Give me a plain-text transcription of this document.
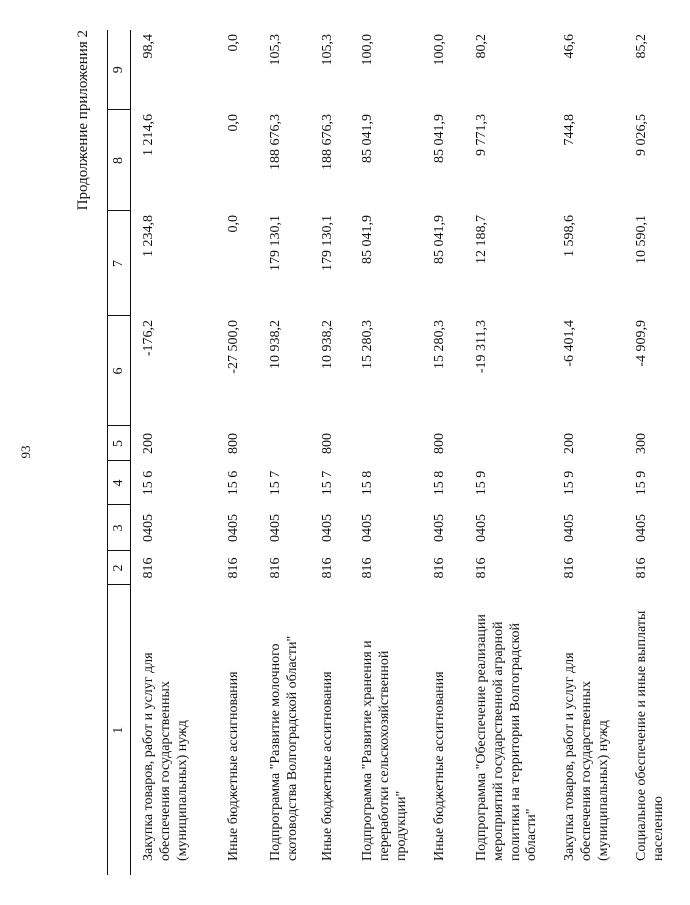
93
Продолжение приложения 2
1	2	3	4	5	6	7	8	9
Закупка товаров, работ и услуг для обеспечения государственных (муниципальных) нужд	816	0405	15 6	200	-176,2	1 234,8	1 214,6	98,4
Иные бюджетные ассигнования	816	0405	15 6	800	-27 500,0	0,0	0,0	0,0
Подпрограмма "Развитие молочного скотоводства Волгоградской области"	816	0405	15 7		10 938,2	179 130,1	188 676,3	105,3
Иные бюджетные ассигнования	816	0405	15 7	800	10 938,2	179 130,1	188 676,3	105,3
Подпрограмма "Развитие хранения и переработки сельскохозяйственной продукции"	816	0405	15 8		15 280,3	85 041,9	85 041,9	100,0
Иные бюджетные ассигнования	816	0405	15 8	800	15 280,3	85 041,9	85 041,9	100,0
Подпрограмма "Обеспечение реализации мероприятий государственной аграрной политики на территории Волгоградской области"	816	0405	15 9		-19 311,3	12 188,7	9 771,3	80,2
Закупка товаров, работ и услуг для обеспечения государственных (муниципальных) нужд	816	0405	15 9	200	-6 401,4	1 598,6	744,8	46,6
Социальное обеспечение и иные выплаты населению	816	0405	15 9	300	-4 909,9	10 590,1	9 026,5	85,2
